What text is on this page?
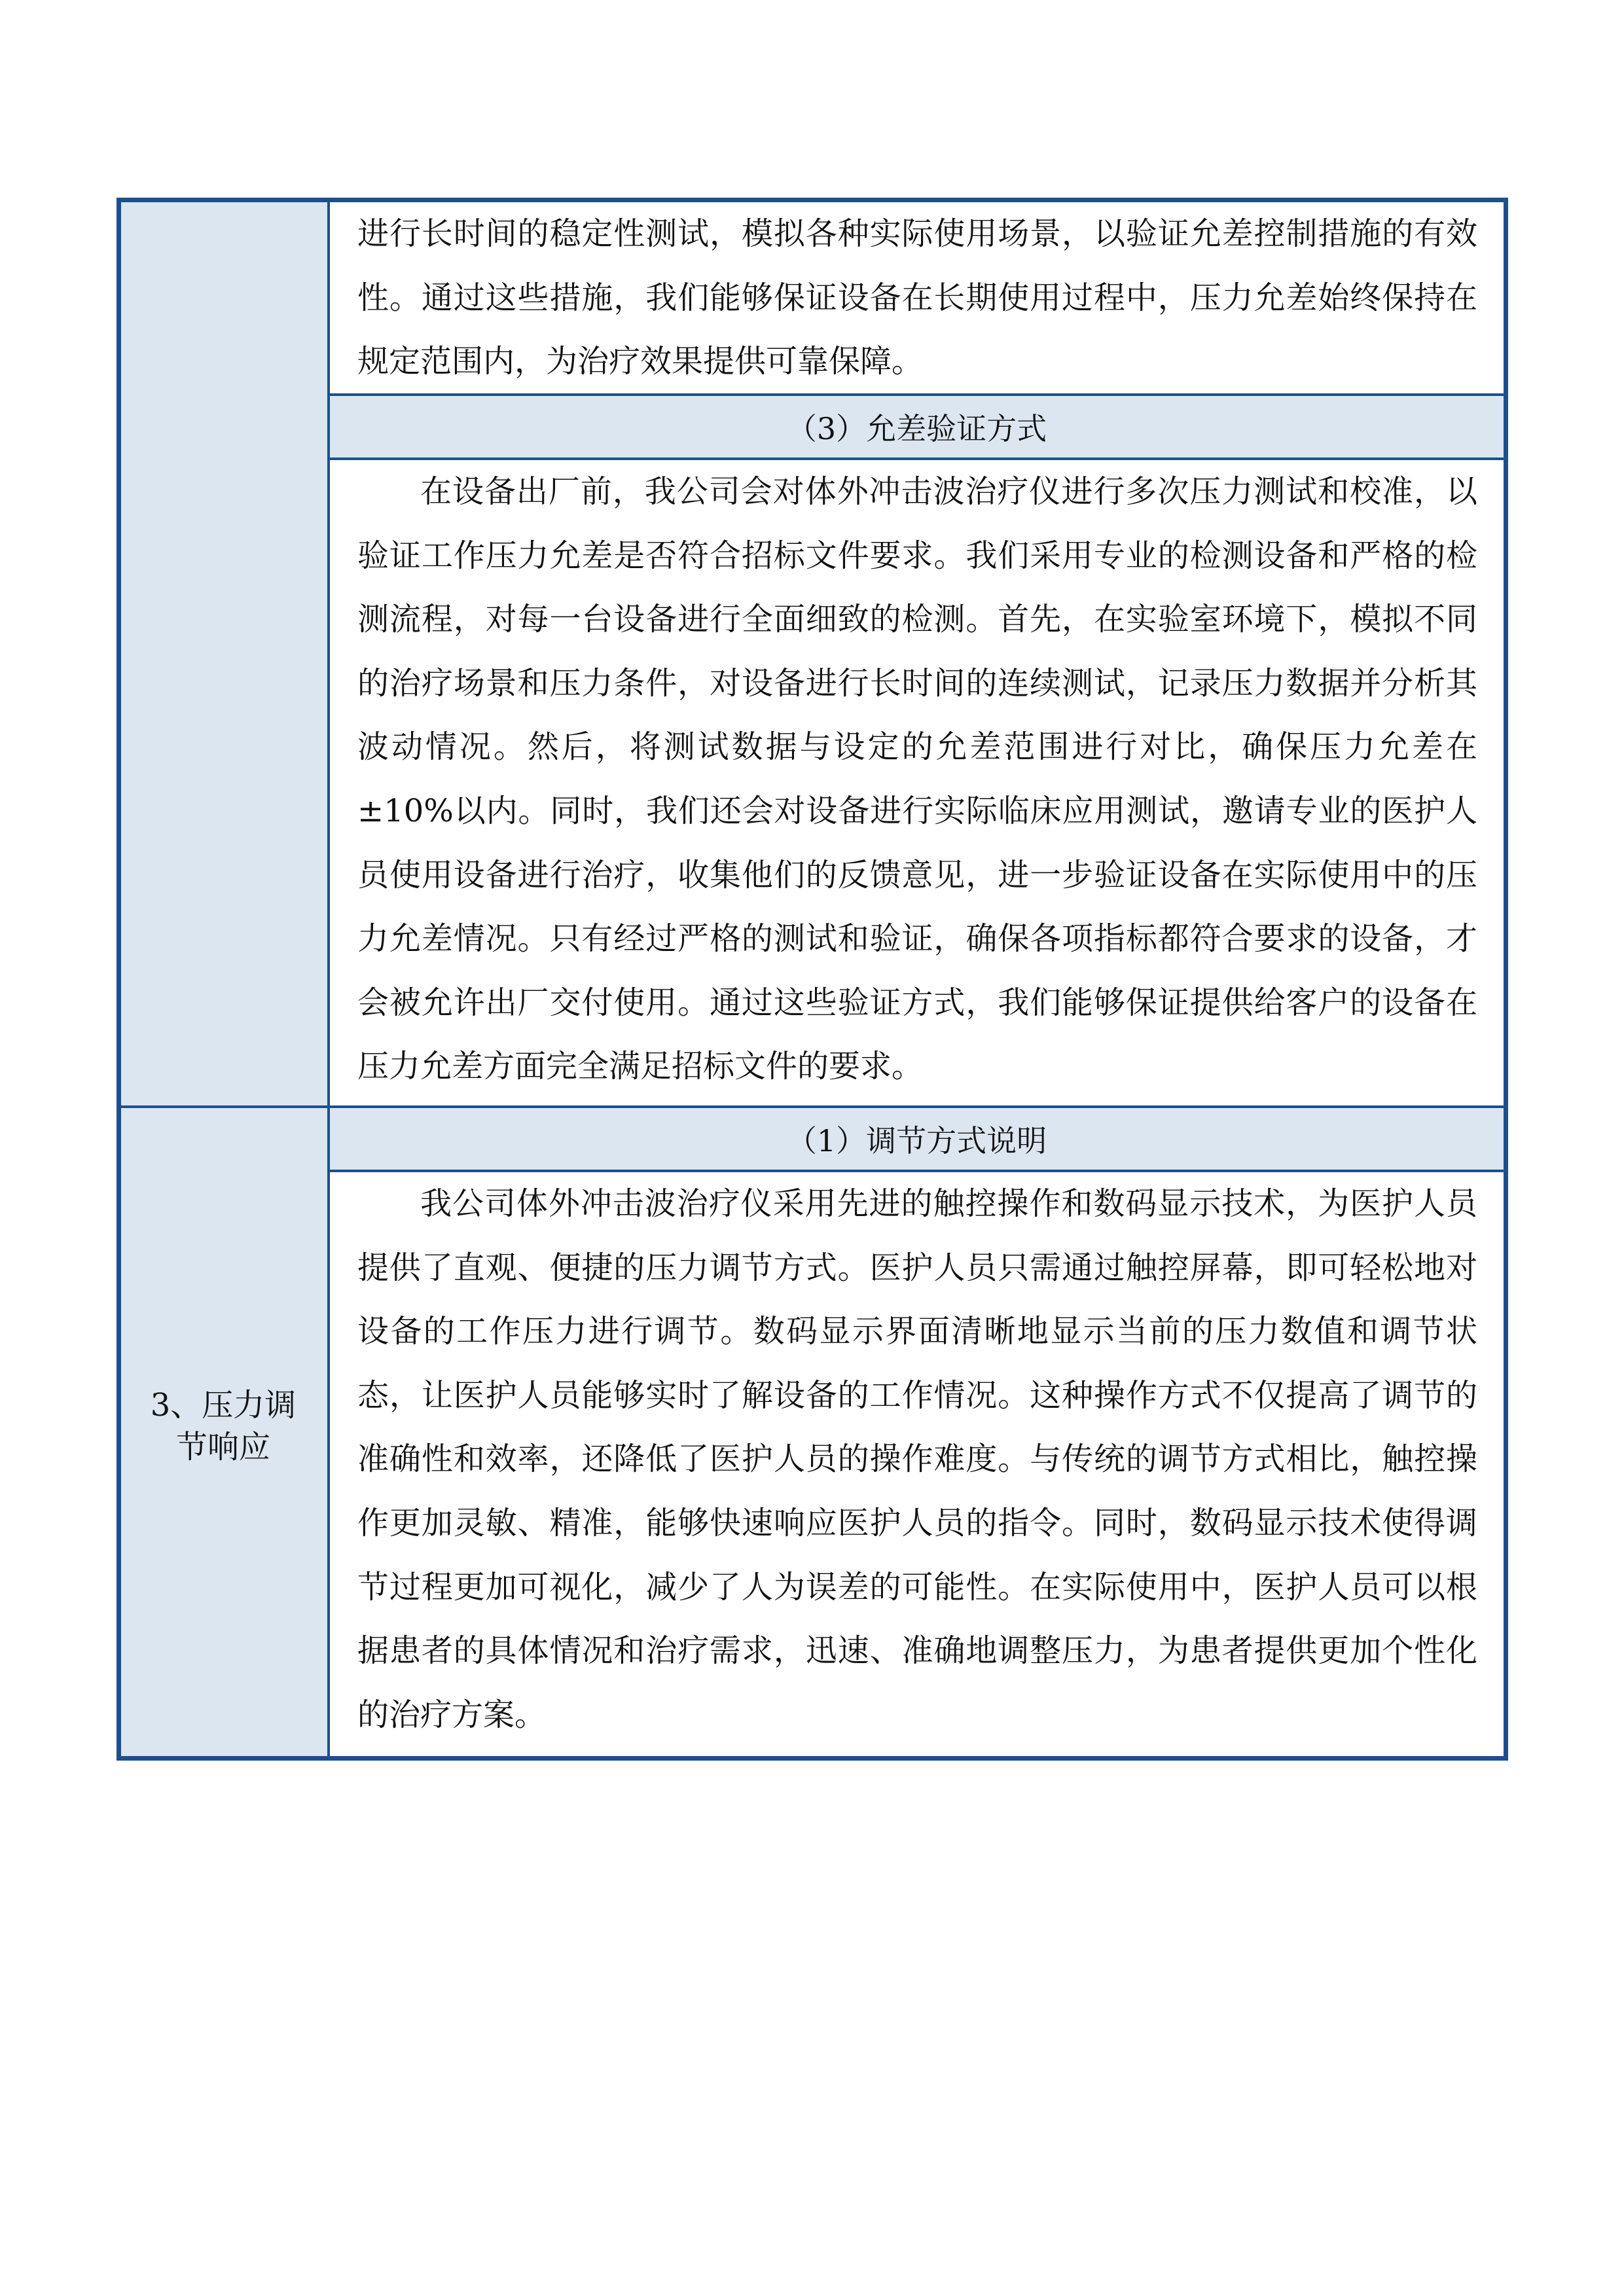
进行长时间的稳定性测试，模拟各种实际使用场景，以验证允差控制措施的有效性。通过这些措施，我们能够保证设备在长期使用过程中，压力允差始终保持在规定范围内，为治疗效果提供可靠保障。

（3）允差验证方式

在设备出厂前，我公司会对体外冲击波治疗仪进行多次压力测试和校准，以验证工作压力允差是否符合招标文件要求。我们采用专业的检测设备和严格的检测流程，对每一台设备进行全面细致的检测。首先，在实验室环境下，模拟不同的治疗场景和压力条件，对设备进行长时间的连续测试，记录压力数据并分析其波动情况。然后，将测试数据与设定的允差范围进行对比，确保压力允差在±10%以内。同时，我们还会对设备进行实际临床应用测试，邀请专业的医护人员使用设备进行治疗，收集他们的反馈意见，进一步验证设备在实际使用中的压力允差情况。只有经过严格的测试和验证，确保各项指标都符合要求的设备，才会被允许出厂交付使用。通过这些验证方式，我们能够保证提供给客户的设备在压力允差方面完全满足招标文件的要求。

3、压力调
节响应
（1）调节方式说明

我公司体外冲击波治疗仪采用先进的触控操作和数码显示技术，为医护人员提供了直观、便捷的压力调节方式。医护人员只需通过触控屏幕，即可轻松地对设备的工作压力进行调节。数码显示界面清晰地显示当前的压力数值和调节状态，让医护人员能够实时了解设备的工作情况。这种操作方式不仅提高了调节的准确性和效率，还降低了医护人员的操作难度。与传统的调节方式相比，触控操作更加灵敏、精准，能够快速响应医护人员的指令。同时，数码显示技术使得调节过程更加可视化，减少了人为误差的可能性。在实际使用中，医护人员可以根据患者的具体情况和治疗需求，迅速、准确地调整压力，为患者提供更加个性化的治疗方案。
